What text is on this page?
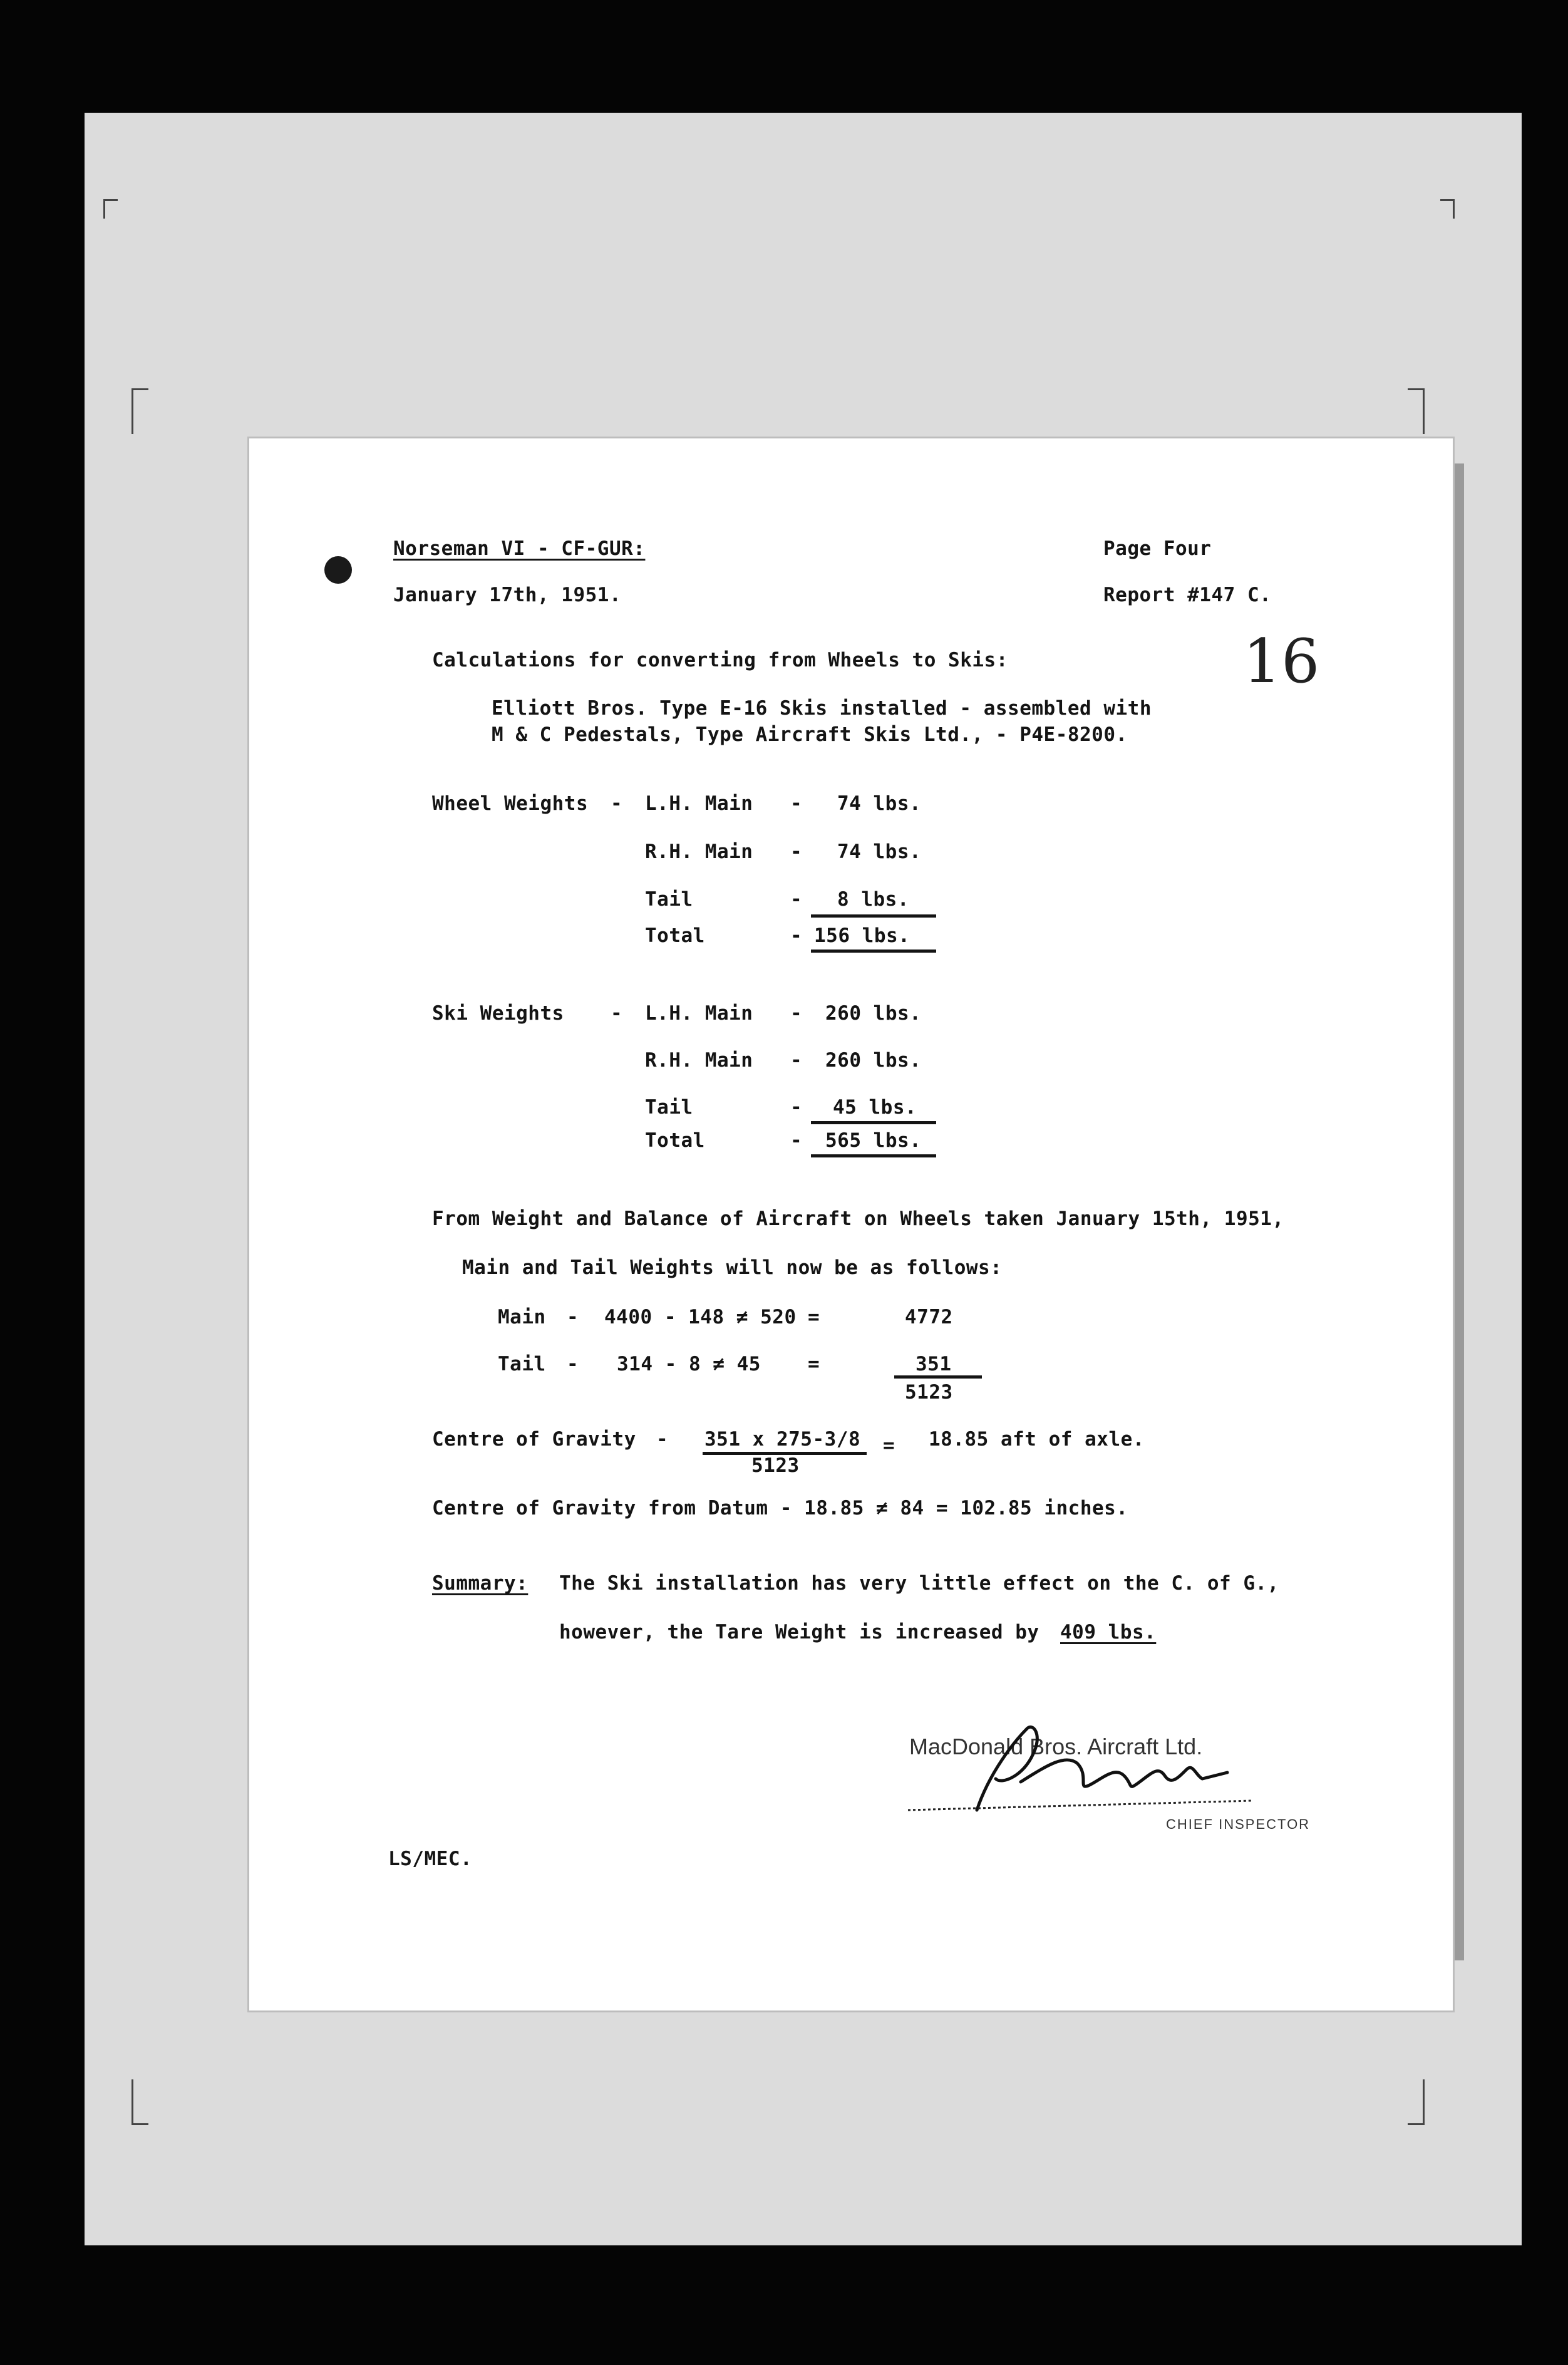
Norseman VI - CF-GUR:
January 17th, 1951.
Page Four
Report #147 C.
16
Calculations for converting from Wheels to Skis:
Elliott Bros. Type E-16 Skis installed - assembled with
M & C Pedestals, Type Aircraft Skis Ltd., - P4E-8200.
Wheel Weights - L.H. Main - 74 lbs.
R.H. Main - 74 lbs.
Tail	- 8 lbs.
Total	- 156 lbs.
Ski Weights - L.H. Main - 260 lbs.
R.H. Main - 260 lbs.
Tail	- 45 lbs.
Total	- 565 lbs.
From Weight and Balance of Aircraft on Wheels taken January 15th, 1951,
Main and Tail Weights will now be as follows:
Main - 4400 - 148 ≠ 520 =	4772
Tail - 314 - 8 ≠ 45 =	351
5123
Centre of Gravity - 351 x 275-3/8
5123
= 18.85 aft of axle.
Centre of Gravity from Datum - 18.85 ≠ 84 = 102.85 inches.
Summary: The Ski installation has very little effect on the C. of G.,
however, the Tare Weight is increased by 409 lbs.
MacDonald Bros. Aircraft Ltd.
CHIEF INSPECTOR
LS/MEC.
